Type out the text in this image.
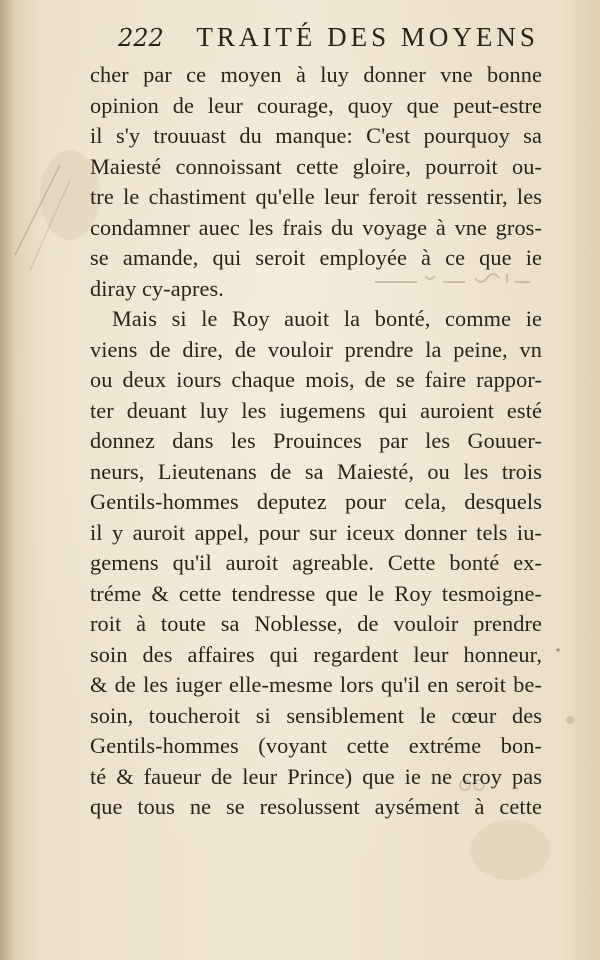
222 TRAITÉ DES MOYENS
cher par ce moyen à luy donner vne bonne
opinion de leur courage, quoy que peut-estre
il s'y trouuast du manque: C'est pourquoy sa
Maiesté connoissant cette gloire, pourroit ou-
tre le chastiment qu'elle leur feroit ressentir, les
condamner auec les frais du voyage à vne gros-
se amande, qui seroit employée à ce que ie
diray cy-apres.
Mais si le Roy auoit la bonté, comme ie
viens de dire, de vouloir prendre la peine, vn
ou deux iours chaque mois, de se faire rappor-
ter deuant luy les iugemens qui auroient esté
donnez dans les Prouinces par les Gouuer-
neurs, Lieutenans de sa Maiesté, ou les trois
Gentils-hommes deputez pour cela, desquels
il y auroit appel, pour sur iceux donner tels iu-
gemens qu'il auroit agreable. Cette bonté ex-
tréme & cette tendresse que le Roy tesmoigne-
roit à toute sa Noblesse, de vouloir prendre
soin des affaires qui regardent leur honneur,
& de les iuger elle-mesme lors qu'il en seroit be-
soin, toucheroit si sensiblement le cœur des
Gentils-hommes (voyant cette extréme bon-
té & faueur de leur Prince) que ie ne croy pas
que tous ne se resolussent aysément à cette
